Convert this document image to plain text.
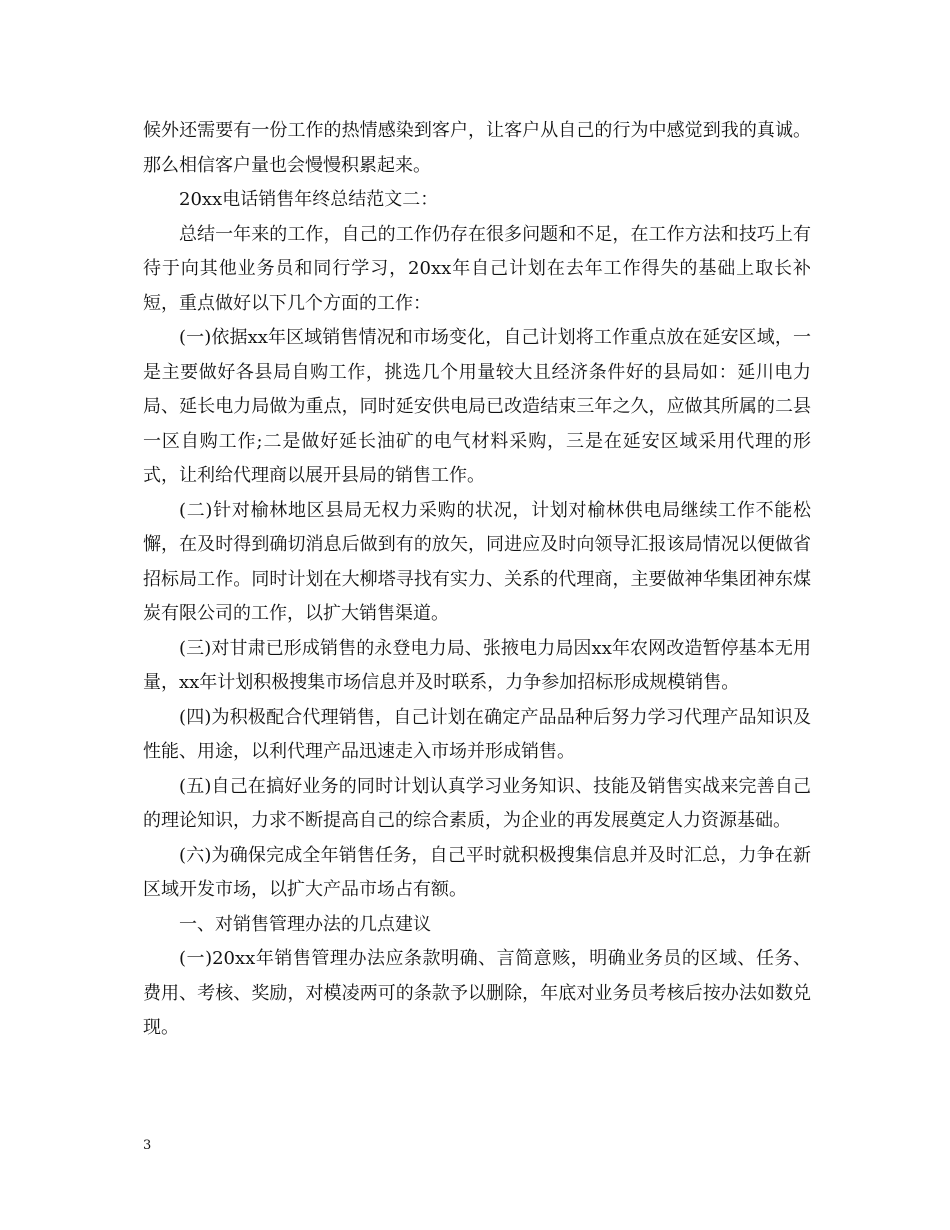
候外还需要有一份工作的热情感染到客户，让客户从自己的行为中感觉到我的真诚。那么相信客户量也会慢慢积累起来。

20xx电话销售年终总结范文二：

总结一年来的工作，自己的工作仍存在很多问题和不足，在工作方法和技巧上有待于向其他业务员和同行学习，20xx年自己计划在去年工作得失的基础上取长补短，重点做好以下几个方面的工作：

(一)依据xx年区域销售情况和市场变化，自己计划将工作重点放在延安区域，一是主要做好各县局自购工作，挑选几个用量较大且经济条件好的县局如：延川电力局、延长电力局做为重点，同时延安供电局已改造结束三年之久，应做其所属的二县一区自购工作;二是做好延长油矿的电气材料采购，三是在延安区域采用代理的形式，让利给代理商以展开县局的销售工作。

(二)针对榆林地区县局无权力采购的状况，计划对榆林供电局继续工作不能松懈，在及时得到确切消息后做到有的放矢，同进应及时向领导汇报该局情况以便做省招标局工作。同时计划在大柳塔寻找有实力、关系的代理商，主要做神华集团神东煤炭有限公司的工作，以扩大销售渠道。

(三)对甘肃已形成销售的永登电力局、张掖电力局因xx年农网改造暂停基本无用量，xx年计划积极搜集市场信息并及时联系，力争参加招标形成规模销售。

(四)为积极配合代理销售，自己计划在确定产品品种后努力学习代理产品知识及性能、用途，以利代理产品迅速走入市场并形成销售。

(五)自己在搞好业务的同时计划认真学习业务知识、技能及销售实战来完善自己的理论知识，力求不断提高自己的综合素质，为企业的再发展奠定人力资源基础。

(六)为确保完成全年销售任务，自己平时就积极搜集信息并及时汇总，力争在新区域开发市场，以扩大产品市场占有额。

一、对销售管理办法的几点建议

(一)20xx年销售管理办法应条款明确、言简意赅，明确业务员的区域、任务、费用、考核、奖励，对模凌两可的条款予以删除，年底对业务员考核后按办法如数兑现。

3
